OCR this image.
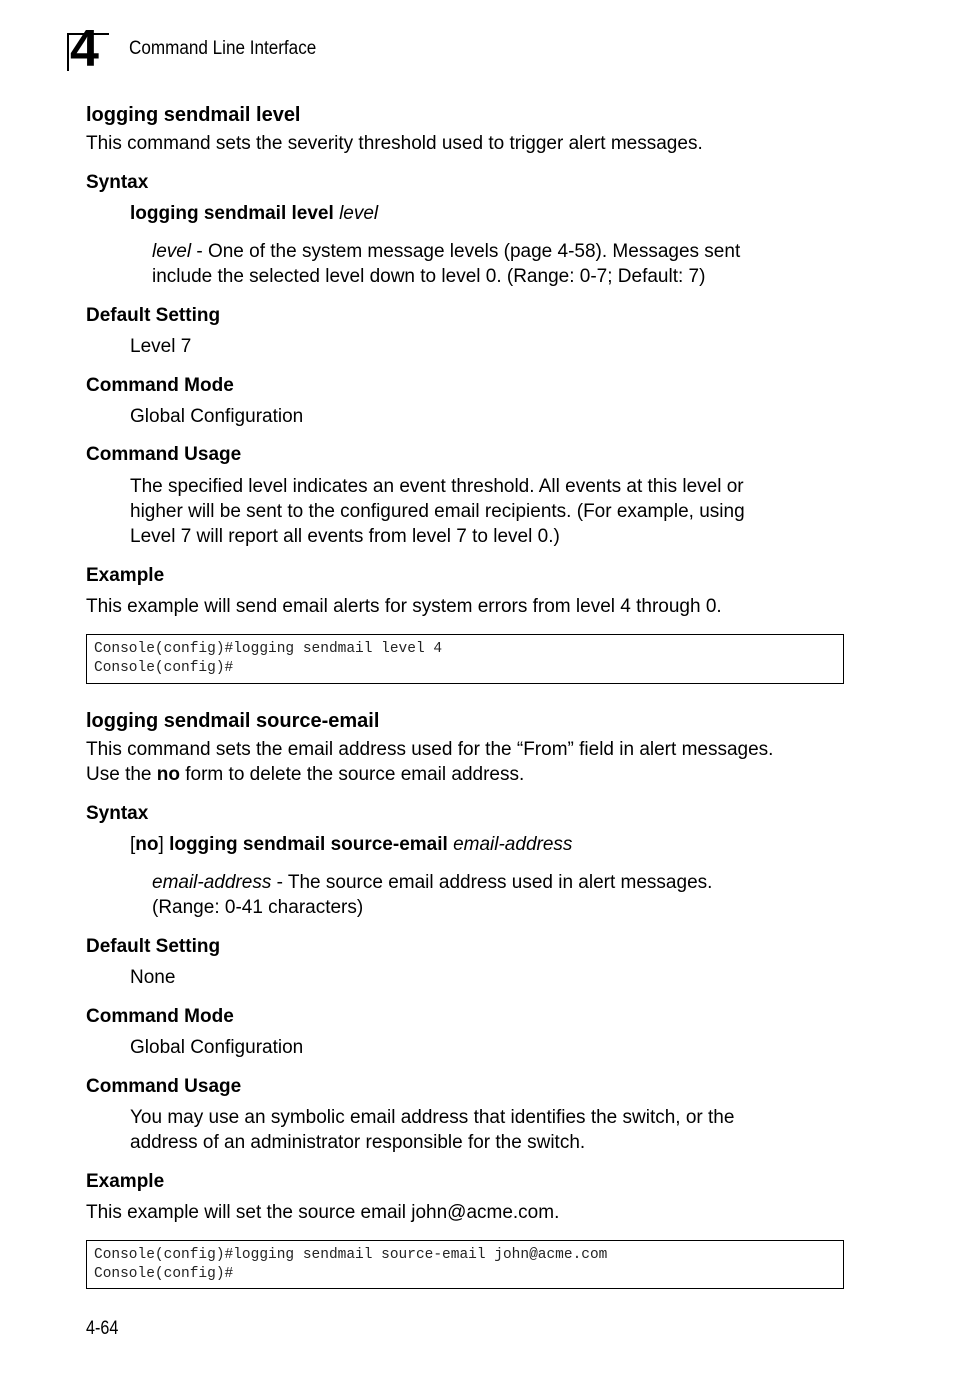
4 Command Line Interface
logging sendmail level

This command sets the severity threshold used to trigger alert messages.

Syntax

logging sendmail level level

level - One of the system message levels (page 4-58). Messages sent

include the selected level down to level 0. (Range: 0-7; Default: 7)

Default Setting

Level 7

Command Mode

Global Configuration

Command Usage

The specified level indicates an event threshold. All events at this level or

higher will be sent to the configured email recipients. (For example, using

Level 7 will report all events from level 7 to level 0.)

Example

This example will send email alerts for system errors from level 4 through 0.

Console(config)#logging sendmail level 4
Console(config)#
logging sendmail source-email

This command sets the email address used for the “From” field in alert messages.

Use the no form to delete the source email address.

Syntax

[no] logging sendmail source-email email-address

email-address - The source email address used in alert messages.

(Range: 0-41 characters)

Default Setting

None

Command Mode

Global Configuration

Command Usage

You may use an symbolic email address that identifies the switch, or the

address of an administrator responsible for the switch.

Example

This example will set the source email john@acme.com.

Console(config)#logging sendmail source-email john@acme.com
Console(config)#
4-64
